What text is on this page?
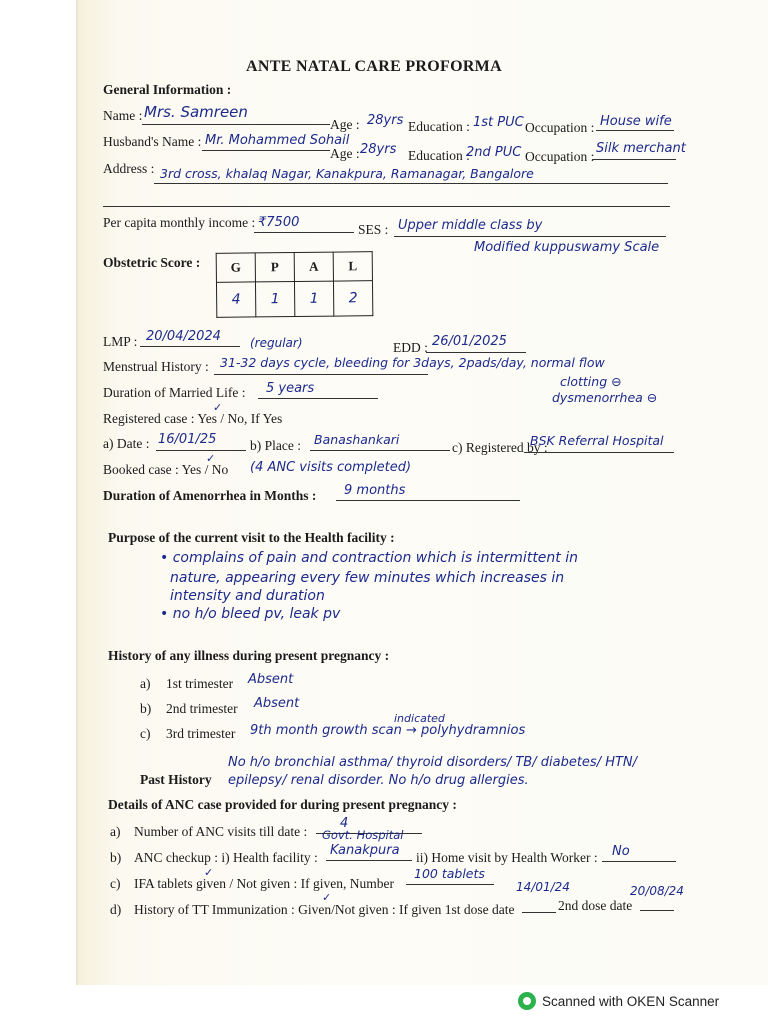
ANTE NATAL CARE PROFORMA
General Information :
Name : Mrs. Samreen
Age : 28yrs Education : 1st PUC Occupation : House wife
Husband's Name : Mr. Mohammed Sohail
Age : 28yrs Education :
2nd PUC Occupation :
Silk merchant
Address : 3rd cross, khalaq Nagar, Kanakpura, Ramanagar, Bangalore
Per capita monthly income : ₹7500	SES : Upper middle class by
Modified kuppuswamy Scale
Obstetric Score : G	P	A	L
4	1	1	2
LMP : 20/04/2024 (regular)	EDD : 26/01/2025
Menstrual History : 31-32 days cycle, bleeding for 3days, 2pads/day, normal flow
clotting ⊖
dysmenorrhea ⊖
Duration of Married Life : 5 years
Registered case : Yes / No, If Yes
✓
a) Date : 16/01/25 b) Place : Banashankari
c) Registered by :
BSK Referral Hospital
Booked case : Yes / No
✓
(4 ANC visits completed)
Duration of Amenorrhea in Months : 9 months
Purpose of the current visit to the Health facility :
• complains of pain and contraction which is intermittent in
nature, appearing every few minutes which increases in
intensity and duration
• no h/o bleed pv, leak pv
History of any illness during present pregnancy :
a) 1st trimester Absent
b) 2nd trimester Absent
c) 3rd trimester
indicated
9th month growth scan → polyhydramnios
No h/o bronchial asthma/ thyroid disorders/ TB/ diabetes/ HTN/
Past History epilepsy/ renal disorder. No h/o drug allergies.
Details of ANC case provided for during present pregnancy :
a) Number of ANC visits till date :
4
Govt. Hospital
b) ANC checkup : i) Health facility : Kanakpura ii) Home visit by Health Worker : No
c)
✓
IFA tablets given / Not given : If given, Number
100 tablets
14/01/24	20/08/24
d)
✓
History of TT Immunization : Given/Not given : If given 1st dose date	2nd dose date
Scanned with OKEN Scanner
